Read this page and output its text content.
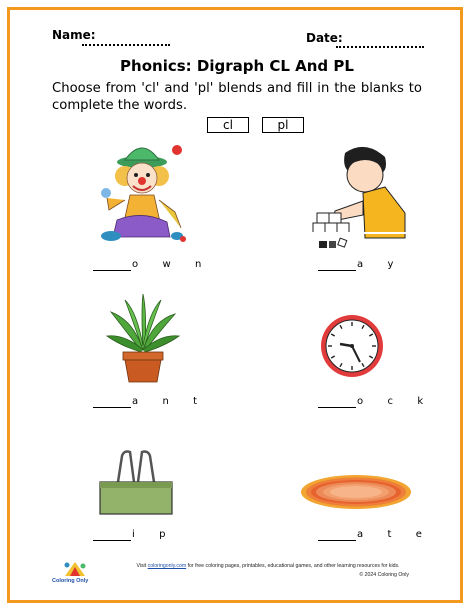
Name:	Date:
Phonics: Digraph CL And PL
Choose from 'cl' and 'pl' blends and fill in the blanks to complete the words.
cl	pl
o  w  n	a  y
a  n  t	o  c  k
i  p	a  t  e
Coloring Only
Visit coloringonly.com for free coloring pages, printables, educational games, and other learning resources for kids.
© 2024 Coloring Only
